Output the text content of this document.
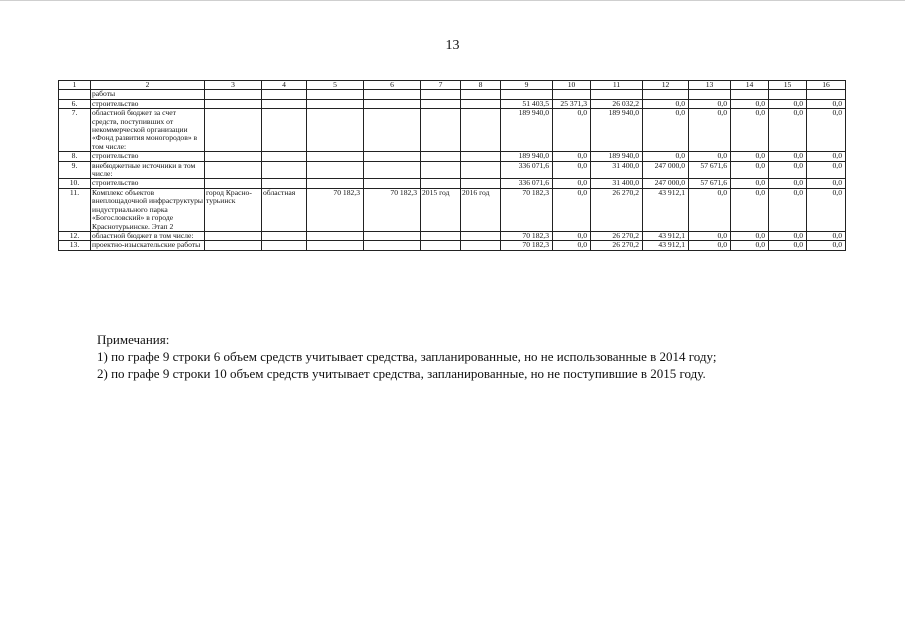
13
1	2	3	4	5	6	7	8	9	10	11	12	13	14	15	16
	работы														
6.	строительство							51 403,5	25 371,3	26 032,2	0,0	0,0	0,0	0,0	0,0
7.	областной бюджет за счет средств, поступивших от некоммерческой организации «Фонд развития моногородов» в том числе:							189 940,0	0,0	189 940,0	0,0	0,0	0,0	0,0	0,0
8.	строительство							189 940,0	0,0	189 940,0	0,0	0,0	0,0	0,0	0,0
9.	внебюджетные источники в том числе:							336 071,6	0,0	31 400,0	247 000,0	57 671,6	0,0	0,0	0,0
10.	строительство							336 071,6	0,0	31 400,0	247 000,0	57 671,6	0,0	0,0	0,0
11.	Комплекс объектов внеплощадочной инфраструктуры индустриального парка «Богословский» в городе Краснотурьинске. Этап 2	город Красно-турьинск	областная	70 182,3	70 182,3	2015 год	2016 год	70 182,3	0,0	26 270,2	43 912,1	0,0	0,0	0,0	0,0
12.	областной бюджет в том числе:							70 182,3	0,0	26 270,2	43 912,1	0,0	0,0	0,0	0,0
13.	проектно-изыскательские работы							70 182,3	0,0	26 270,2	43 912,1	0,0	0,0	0,0	0,0
Примечания:
1) по графе 9 строки 6 объем средств учитывает средства, запланированные, но не использованные в 2014 году;
2) по графе 9 строки 10 объем средств учитывает средства, запланированные, но не поступившие в 2015 году.
